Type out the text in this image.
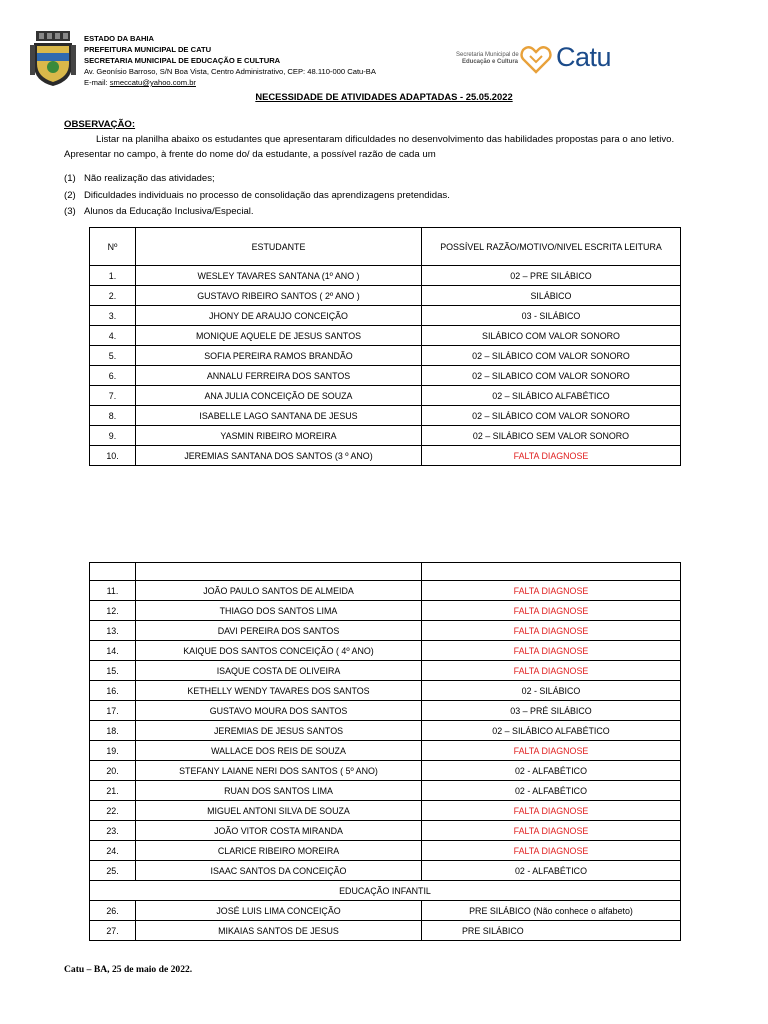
ESTADO DA BAHIA
PREFEITURA MUNICIPAL DE CATU
SECRETARIA MUNICIPAL DE EDUCAÇÃO E CULTURA
Av. Geonísio Barroso, S/N Boa Vista, Centro Administrativo, CEP: 48.110-000 Catu-BA
E-mail: smeccatu@yahoo.com.br
Secretaria Municipal de
Educação e Cultura Catu
NECESSIDADE DE ATIVIDADES ADAPTADAS - 25.05.2022
OBSERVAÇÃO:
Listar na planilha abaixo os estudantes que apresentaram dificuldades no desenvolvimento das habilidades propostas para o ano letivo.
Apresentar no campo, à frente do nome do/ da estudante, a possível razão de cada um
(1) Não realização das atividades;
(2) Dificuldades individuais no processo de consolidação das aprendizagens pretendidas.
(3) Alunos da Educação Inclusiva/Especial.
Nº	ESTUDANTE	POSSÍVEL RAZÃO/MOTIVO/NIVEL ESCRITA LEITURA
1.	WESLEY TAVARES SANTANA (1º ANO )	02 – PRE SILÁBICO
2.	GUSTAVO RIBEIRO SANTOS ( 2º ANO )	SILÁBICO
3.	JHONY DE ARAUJO CONCEIÇÃO	03 - SILÁBICO
4.	MONIQUE AQUELE DE JESUS SANTOS	SILÁBICO COM VALOR SONORO
5.	SOFIA PEREIRA RAMOS BRANDÃO	02 – SILÁBICO COM VALOR SONORO
6.	ANNALU FERREIRA DOS SANTOS	02 – SILABICO COM VALOR SONORO
7.	ANA JULIA CONCEIÇÃO DE SOUZA	02 – SILÁBICO ALFABÉTICO
8.	ISABELLE LAGO SANTANA DE JESUS	02 – SILÁBICO COM VALOR SONORO
9.	YASMIN RIBEIRO MOREIRA	02 – SILÁBICO SEM VALOR SONORO
10.	JEREMIAS SANTANA DOS SANTOS (3 º ANO)	FALTA DIAGNOSE

11.	JOÃO PAULO SANTOS DE ALMEIDA	FALTA DIAGNOSE
12.	THIAGO DOS SANTOS LIMA	FALTA DIAGNOSE
13.	DAVI PEREIRA DOS SANTOS	FALTA DIAGNOSE
14.	KAIQUE DOS SANTOS CONCEIÇÃO ( 4º ANO)	FALTA DIAGNOSE
15.	ISAQUE COSTA DE OLIVEIRA	FALTA DIAGNOSE
16.	KETHELLY WENDY TAVARES DOS SANTOS	02 - SILÁBICO
17.	GUSTAVO MOURA DOS SANTOS	03 – PRÉ SILÁBICO
18.	JEREMIAS DE JESUS SANTOS	02 – SILÁBICO ALFABÉTICO
19.	WALLACE DOS REIS DE SOUZA	FALTA DIAGNOSE
20.	STEFANY LAIANE NERI DOS SANTOS ( 5º ANO)	02 - ALFABÉTICO
21.	RUAN DOS SANTOS LIMA	02 - ALFABÉTICO
22.	MIGUEL ANTONI SILVA DE SOUZA	FALTA DIAGNOSE
23.	JOÃO VITOR COSTA MIRANDA	FALTA DIAGNOSE
24.	CLARICE RIBEIRO MOREIRA	FALTA DIAGNOSE
25.	ISAAC SANTOS DA CONCEIÇÃO	02 - ALFABÉTICO
EDUCAÇÃO INFANTIL		
26.	JOSÉ LUIS LIMA CONCEIÇÃO	PRE SILÁBICO (Não conhece o alfabeto)
27.	MIKAIAS SANTOS DE JESUS	PRE SILÁBICO
Catu – BA, 25 de maio de 2022.
